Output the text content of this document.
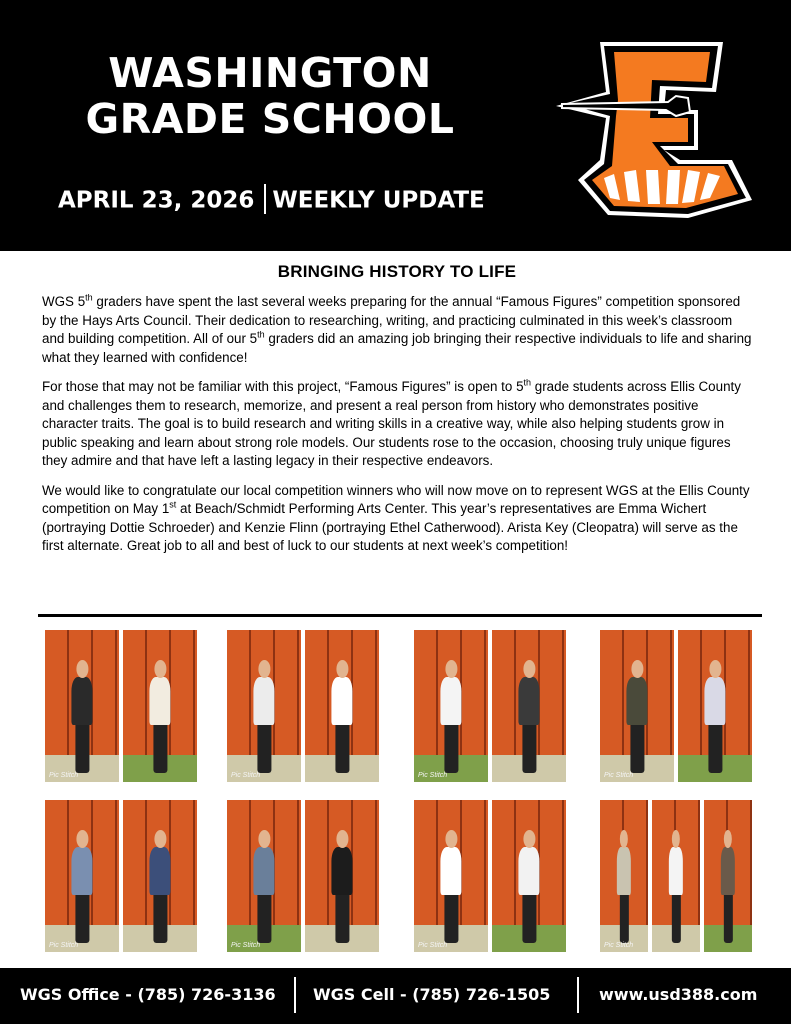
WASHINGTON
GRADE SCHOOL
APRIL 23, 2026 WEEKLY UPDATE
BRINGING HISTORY TO LIFE

WGS 5th graders have spent the last several weeks preparing for the annual “Famous Figures” competition sponsored by the Hays Arts Council. Their dedication to researching, writing, and practicing culminated in this week’s classroom and building competition. All of our 5th graders did an amazing job bringing their respective individuals to life and sharing what they learned with confidence!

For those that may not be familiar with this project, “Famous Figures” is open to 5th grade students across Ellis County and challenges them to research, memorize, and present a real person from history who demonstrates positive character traits. The goal is to build research and writing skills in a creative way, while also helping students grow in public speaking and learn about strong role models. Our students rose to the occasion, choosing truly unique figures they admire and that have left a lasting legacy in their respective endeavors.

We would like to congratulate our local competition winners who will now move on to represent WGS at the Ellis County competition on May 1st at Beach/Schmidt Performing Arts Center. This year’s representatives are Emma Wichert (portraying Dottie Schroeder) and Kenzie Flinn (portraying Ethel Catherwood). Arista Key (Cleopatra) will serve as the first alternate. Great job to all and best of luck to our students at next week’s competition!

Pic Stitch	Pic Stitch	Pic Stitch	Pic Stitch
Pic Stitch	Pic Stitch	Pic Stitch	Pic Stitch
WGS Office - (785) 726-3136 WGS Cell - (785) 726-1505	www.usd388.com
